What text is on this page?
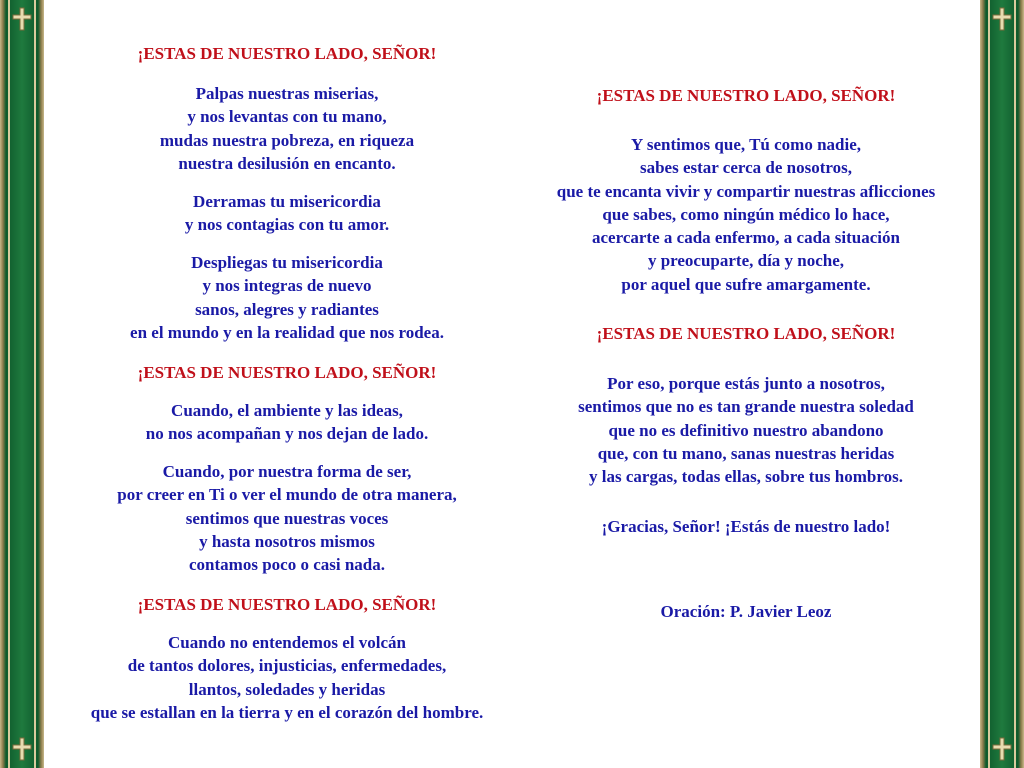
¡ESTAS DE NUESTRO LADO, SEÑOR!
Palpas nuestras miserias,
y nos levantas con tu mano,
mudas nuestra pobreza, en riqueza
nuestra desilusión en encanto.
Derramas tu misericordia
y nos contagias con tu amor.
Despliegas tu misericordia
y nos integras de nuevo
sanos, alegres y radiantes
en el mundo y en la realidad que nos rodea.
¡ESTAS DE NUESTRO LADO, SEÑOR!
Cuando, el ambiente y las ideas,
no nos acompañan y nos dejan de lado.
Cuando, por nuestra forma de ser,
por creer en Ti o ver el mundo de otra manera,
sentimos que nuestras voces
y hasta nosotros mismos
contamos poco o casi nada.
¡ESTAS DE NUESTRO LADO, SEÑOR!
Cuando no entendemos el volcán
de tantos dolores, injusticias, enfermedades,
llantos, soledades y heridas
que se estallan en la tierra y en el corazón del hombre.
¡ESTAS DE NUESTRO LADO, SEÑOR!
Y sentimos que, Tú como nadie,
sabes estar cerca de nosotros,
que te encanta vivir y compartir nuestras aflicciones
que sabes, como ningún médico lo hace,
acercarte a cada enfermo, a cada situación
y preocuparte, día y noche,
por aquel que sufre amargamente.
¡ESTAS DE NUESTRO LADO, SEÑOR!
Por eso, porque estás junto a nosotros,
sentimos que no es tan grande nuestra soledad
que no es definitivo nuestro abandono
que, con tu mano, sanas nuestras heridas
y las cargas, todas ellas, sobre tus hombros.
¡Gracias, Señor! ¡Estás de nuestro lado!
Oración: P. Javier Leoz
